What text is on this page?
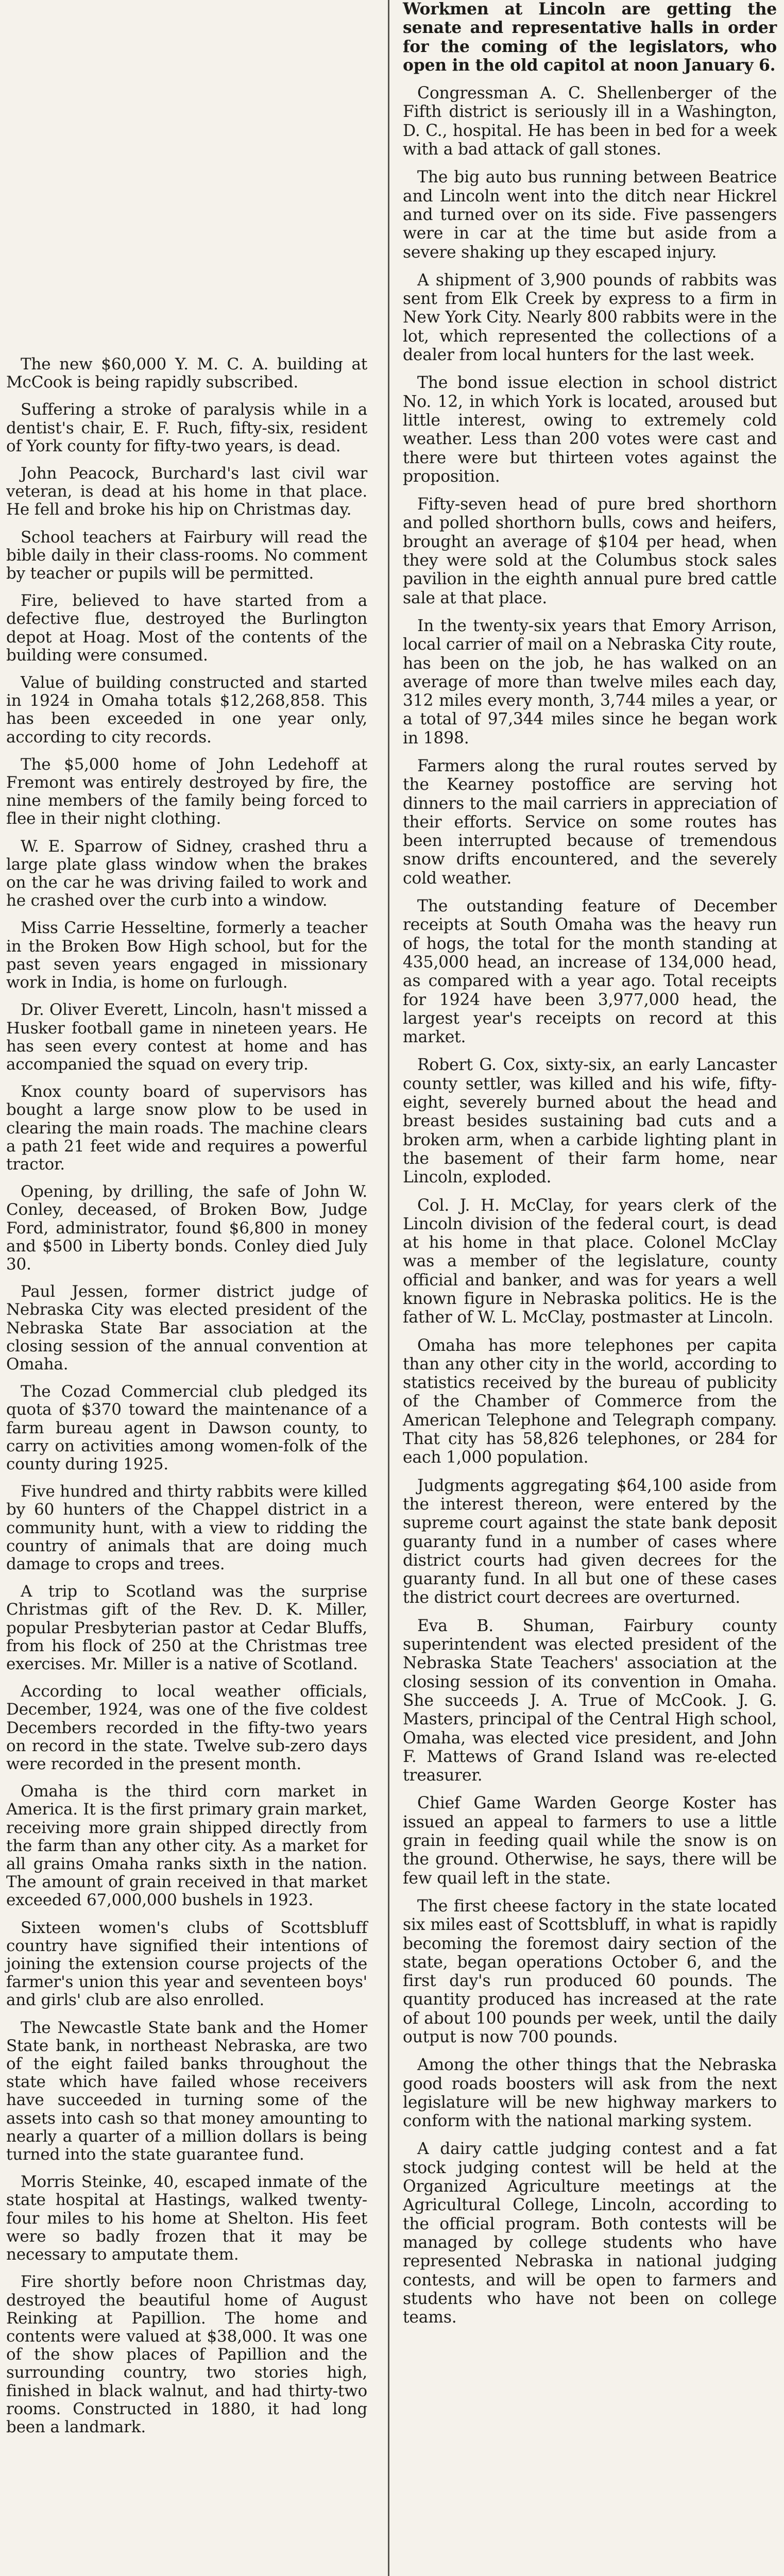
The new $60,000 Y. M. C. A. building at McCook is being rapidly subscribed.

Suffering a stroke of paralysis while in a dentist's chair, E. F. Ruch, fifty-six, resident of York county for fifty-two years, is dead.

John Peacock, Burchard's last civil war veteran, is dead at his home in that place. He fell and broke his hip on Christmas day.

School teachers at Fairbury will read the bible daily in their class-rooms. No comment by teacher or pupils will be permitted.

Fire, believed to have started from a defective flue, destroyed the Burlington depot at Hoag. Most of the contents of the building were consumed.

Value of building constructed and started in 1924 in Omaha totals $12,268,858. This has been exceeded in one year only, according to city records.

The $5,000 home of John Ledehoff at Fremont was entirely destroyed by fire, the nine members of the family being forced to flee in their night clothing.

W. E. Sparrow of Sidney, crashed thru a large plate glass window when the brakes on the car he was driving failed to work and he crashed over the curb into a window.

Miss Carrie Hesseltine, formerly a teacher in the Broken Bow High school, but for the past seven years engaged in missionary work in India, is home on furlough.

Dr. Oliver Everett, Lincoln, hasn't missed a Husker football game in nineteen years. He has seen every contest at home and has accompanied the squad on every trip.

Knox county board of supervisors has bought a large snow plow to be used in clearing the main roads. The machine clears a path 21 feet wide and requires a powerful tractor.

Opening, by drilling, the safe of John W. Conley, deceased, of Broken Bow, Judge Ford, administrator, found $6,800 in money and $500 in Liberty bonds. Conley died July 30.

Paul Jessen, former district judge of Nebraska City was elected president of the Nebraska State Bar association at the closing session of the annual convention at Omaha.

The Cozad Commercial club pledged its quota of $370 toward the maintenance of a farm bureau agent in Dawson county, to carry on activities among women-folk of the county during 1925.

Five hundred and thirty rabbits were killed by 60 hunters of the Chappel district in a community hunt, with a view to ridding the country of animals that are doing much damage to crops and trees.

A trip to Scotland was the surprise Christmas gift of the Rev. D. K. Miller, popular Presbyterian pastor at Cedar Bluffs, from his flock of 250 at the Christmas tree exercises. Mr. Miller is a native of Scotland.

According to local weather officials, December, 1924, was one of the five coldest Decembers recorded in the fifty-two years on record in the state. Twelve sub-zero days were recorded in the present month.

Omaha is the third corn market in America. It is the first primary grain market, receiving more grain shipped directly from the farm than any other city. As a market for all grains Omaha ranks sixth in the nation. The amount of grain received in that market exceeded 67,000,000 bushels in 1923.

Sixteen women's clubs of Scottsbluff country have signified their intentions of joining the extension course projects of the farmer's union this year and seventeen boys' and girls' club are also enrolled.

The Newcastle State bank and the Homer State bank, in northeast Nebraska, are two of the eight failed banks throughout the state which have failed whose receivers have succeeded in turning some of the assets into cash so that money amounting to nearly a quarter of a million dollars is being turned into the state guarantee fund.

Morris Steinke, 40, escaped inmate of the state hospital at Hastings, walked twenty-four miles to his home at Shelton. His feet were so badly frozen that it may be necessary to amputate them.

Fire shortly before noon Christmas day, destroyed the beautiful home of August Reinking at Papillion. The home and contents were valued at $38,000. It was one of the show places of Papillion and the surrounding country, two stories high, finished in black walnut, and had thirty-two rooms. Constructed in 1880, it had long been a landmark.

Workmen at Lincoln are getting the senate and representative halls in order for the coming of the legislators, who open in the old capitol at noon January 6.

Congressman A. C. Shellenberger of the Fifth district is seriously ill in a Washington, D. C., hospital. He has been in bed for a week with a bad attack of gall stones.

The big auto bus running between Beatrice and Lincoln went into the ditch near Hickrel and turned over on its side. Five passengers were in car at the time but aside from a severe shaking up they escaped injury.

A shipment of 3,900 pounds of rabbits was sent from Elk Creek by express to a firm in New York City. Nearly 800 rabbits were in the lot, which represented the collections of a dealer from local hunters for the last week.

The bond issue election in school district No. 12, in which York is located, aroused but little interest, owing to extremely cold weather. Less than 200 votes were cast and there were but thirteen votes against the proposition.

Fifty-seven head of pure bred shorthorn and polled shorthorn bulls, cows and heifers, brought an average of $104 per head, when they were sold at the Columbus stock sales pavilion in the eighth annual pure bred cattle sale at that place.

In the twenty-six years that Emory Arrison, local carrier of mail on a Nebraska City route, has been on the job, he has walked on an average of more than twelve miles each day, 312 miles every month, 3,744 miles a year, or a total of 97,344 miles since he began work in 1898.

Farmers along the rural routes served by the Kearney postoffice are serving hot dinners to the mail carriers in appreciation of their efforts. Service on some routes has been interrupted because of tremendous snow drifts encountered, and the severely cold weather.

The outstanding feature of December receipts at South Omaha was the heavy run of hogs, the total for the month standing at 435,000 head, an increase of 134,000 head, as compared with a year ago. Total receipts for 1924 have been 3,977,000 head, the largest year's receipts on record at this market.

Robert G. Cox, sixty-six, an early Lancaster county settler, was killed and his wife, fifty-eight, severely burned about the head and breast besides sustaining bad cuts and a broken arm, when a carbide lighting plant in the basement of their farm home, near Lincoln, exploded.

Col. J. H. McClay, for years clerk of the Lincoln division of the federal court, is dead at his home in that place. Colonel McClay was a member of the legislature, county official and banker, and was for years a well known figure in Nebraska politics. He is the father of W. L. McClay, postmaster at Lincoln.

Omaha has more telephones per capita than any other city in the world, according to statistics received by the bureau of publicity of the Chamber of Commerce from the American Telephone and Telegraph company. That city has 58,826 telephones, or 284 for each 1,000 population.

Judgments aggregating $64,100 aside from the interest thereon, were entered by the supreme court against the state bank deposit guaranty fund in a number of cases where district courts had given decrees for the guaranty fund. In all but one of these cases the district court decrees are overturned.

Eva B. Shuman, Fairbury county superintendent was elected president of the Nebraska State Teachers' association at the closing session of its convention in Omaha. She succeeds J. A. True of McCook. J. G. Masters, principal of the Central High school, Omaha, was elected vice president, and John F. Mattews of Grand Island was re-elected treasurer.

Chief Game Warden George Koster has issued an appeal to farmers to use a little grain in feeding quail while the snow is on the ground. Otherwise, he says, there will be few quail left in the state.

The first cheese factory in the state located six miles east of Scottsbluff, in what is rapidly becoming the foremost dairy section of the state, began operations October 6, and the first day's run produced 60 pounds. The quantity produced has increased at the rate of about 100 pounds per week, until the daily output is now 700 pounds.

Among the other things that the Nebraska good roads boosters will ask from the next legislature will be new highway markers to conform with the national marking system.

A dairy cattle judging contest and a fat stock judging contest will be held at the Organized Agriculture meetings at the Agricultural College, Lincoln, according to the official program. Both contests will be managed by college students who have represented Nebraska in national judging contests, and will be open to farmers and students who have not been on college teams.
